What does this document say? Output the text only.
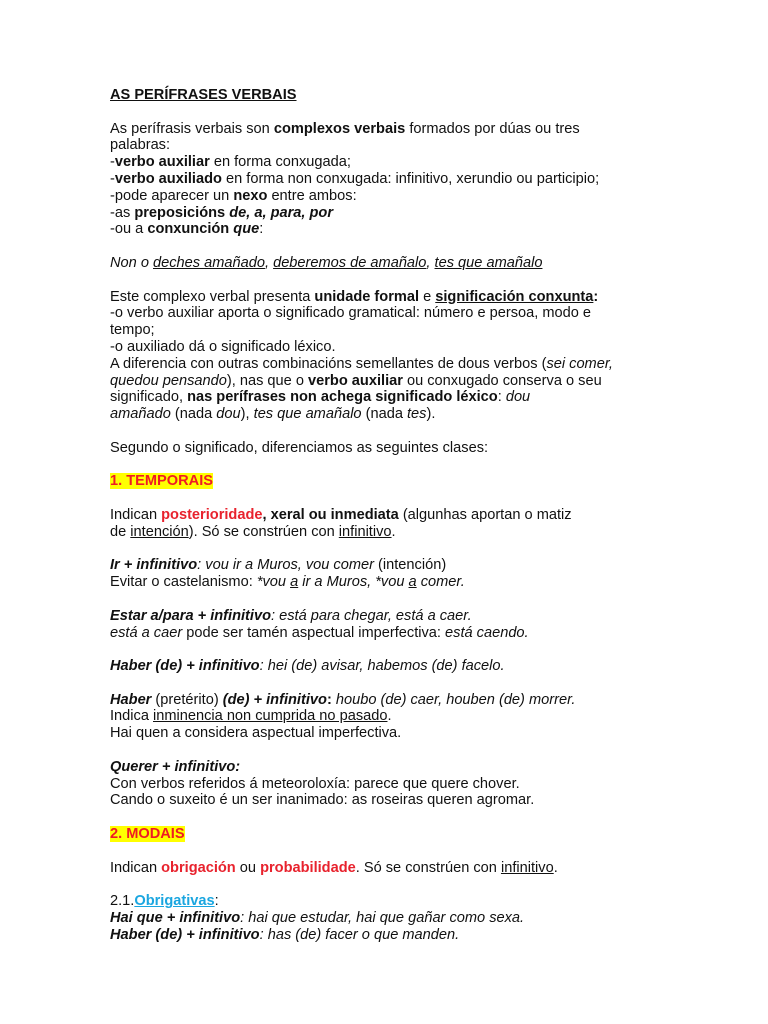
AS PERÍFRASES VERBAIS
As perífrasis verbais son complexos verbais formados por dúas ou tres
palabras:
-verbo auxiliar en forma conxugada;
-verbo auxiliado en forma non conxugada: infinitivo, xerundio ou participio;
-pode aparecer un nexo entre ambos:
-as preposicións de, a, para, por
-ou a conxunción que:
Non o deches amañado, deberemos de amañalo, tes que amañalo
Este complexo verbal presenta unidade formal e significación conxunta:
-o verbo auxiliar aporta o significado gramatical: número e persoa, modo e
tempo;
-o auxiliado dá o significado léxico.
A diferencia con outras combinacións semellantes de dous verbos (sei comer,
quedou pensando), nas que o verbo auxiliar ou conxugado conserva o seu
significado, nas perífrases non achega significado léxico: dou
amañado (nada dou), tes que amañalo (nada tes).
Segundo o significado, diferenciamos as seguintes clases:
1. TEMPORAIS
Indican posterioridade, xeral ou inmediata (algunhas aportan o matiz
de intención). Só se constrúen con infinitivo.
Ir + infinitivo: vou ir a Muros, vou comer (intención)
Evitar o castelanismo: *vou a ir a Muros, *vou a comer.
Estar a/para + infinitivo: está para chegar, está a caer.
está a caer pode ser tamén aspectual imperfectiva: está caendo.
Haber (de) + infinitivo: hei (de) avisar, habemos (de) facelo.
Haber (pretérito) (de) + infinitivo: houbo (de) caer, houben (de) morrer.
Indica inminencia non cumprida no pasado.
Hai quen a considera aspectual imperfectiva.
Querer + infinitivo:
Con verbos referidos á meteoroloxía: parece que quere chover.
Cando o suxeito é un ser inanimado: as roseiras queren agromar.
2. MODAIS
Indican obrigación ou probabilidade. Só se constrúen con infinitivo.
2.1.Obrigativas:
Hai que + infinitivo: hai que estudar, hai que gañar como sexa.
Haber (de) + infinitivo: has (de) facer o que manden.
